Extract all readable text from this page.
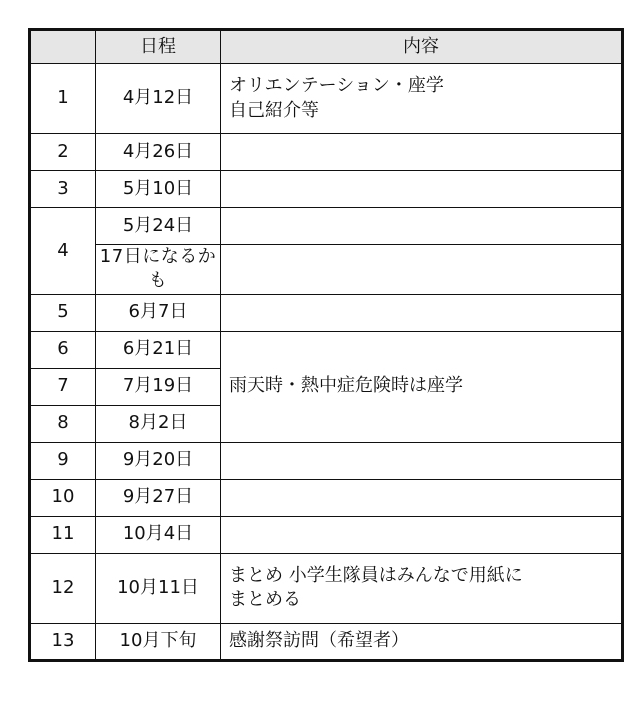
	日程	内容
1	4月12日	オリエンテーション・座学
自己紹介等

2	4月26日	
3	5月10日	
4	5月24日	
	17日になるかも	
5	6月7日	
6	6月21日	雨天時・熱中症危険時は座学
7	7月19日	
8	8月2日	
9	9月20日	
10	9月27日	
11	10月4日	
12	10月11日	まとめ 小学生隊員はみんなで用紙に
まとめる

13	10月下旬	感謝祭訪問（希望者）
